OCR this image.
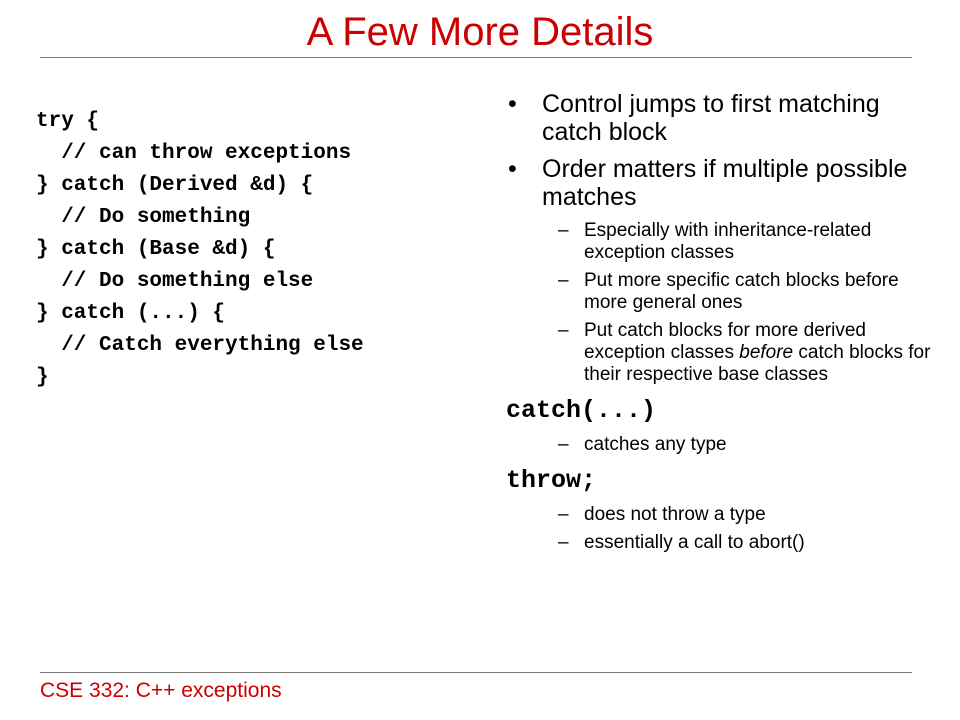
A Few More Details
try {
// can throw exceptions
} catch (Derived &d) {
// Do something
} catch (Base &d) {
// Do something else
} catch (...) {
// Catch everything else
}
• Control jumps to first matching catch block
• Order matters if multiple possible matches
– Especially with inheritance-related exception classes
– Put more specific catch blocks before more general ones
– Put catch blocks for more derived exception classes before catch blocks for their respective base classes
catch(...)
– catches any type
throw;
– does not throw a type
– essentially a call to abort()
CSE 332: C++ exceptions
